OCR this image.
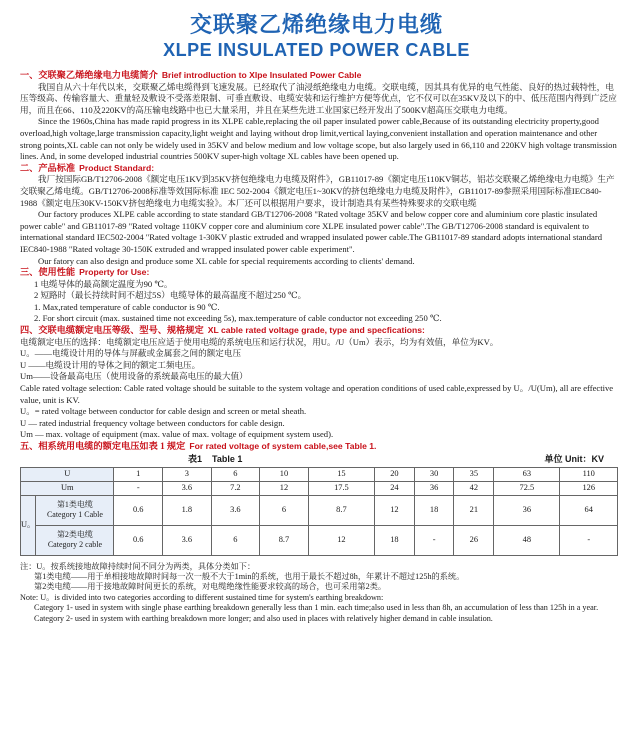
交联聚乙烯绝缘电力电缆
XLPE INSULATED POWER CABLE

一、交联聚乙烯绝缘电力电缆简介 Brief introdluction to Xlpe Insulated Power Cable

我国自从六十年代以来，交联聚乙烯电缆得到飞速发展。已经取代了油浸纸绝缘电力电缆。交联电缆，因其具有优异的电气性能、良好的热过载特性，电压等级高、传输容量大、重量轻及敷设不受落差限制、可垂直敷设、电缆安装和运行维护方便等优点，它不仅可以在35KV及以下的中、低压范围内得到广泛应用，而且在66、110及220KV的高压输电线路中也已大量采用，并且在某些先进工业国家已经开发出了500KV超高压交联电力电缆。

Since the 1960s,China has made rapid progress in its XLPE cable,replacing the oil paper insulated power cable,Because of its outstanding electricity property,good overload,high voltage,large transmission capacity,light weight and laying without drop limit,vertical laying,convenient installation and operation maintenance and other strong points,XL cable can not only be widely used in 35KV and below medium and low voltage scope, but also largely used in 66,110 and 220KV high voltage transmission lines. And, in some developed industrial countries 500KV super-high voltage XL cables have been opened up.

二、产品标准 Product Standard:

我厂按国际GB/T12706-2008《额定电压1KV到35KV挤包绝缘电力电缆及附件》，GB11017-89《额定电压110KV铜芯，铝芯交联聚乙烯绝缘电力电缆》生产交联聚乙烯电缆。GB/T12706-2008标准等效国际标准 IEC 502-2004《额定电压1~30KV的挤包绝缘电力电缆及附件》，GB11017-89参照采用国际标准IEC840-1988《额定电压30KV-150KV挤包绝缘电力电缆实验》。本厂还可以根据用户要求，设计制造具有某些特殊要求的交联电缆

Our factory produces XLPE cable according to state standard GB/T12706-2008 "Rated voltage 35KV and below copper core and aluminium core plastic insulated power cable" and GB11017-89 "Rated voltage 110KV copper core and aluminium core XLPE insulated power cable".The GB/T12706-2008 standard is equivalent to international standard IEC502-2004 "Rated voltage 1-30KV plastic extruded and wrapped insulated power cable.The GB11017-89 standard adopts international standard IEC840-1988 "Rated voltage 30-150K extruded and wrapped insulated power cable experiment".

Our fatory can also design and produce some XL cable for special requirements according to clients' demand.

三、使用性能 Property for Use:

1 电缆导体的最高额定温度为90 ℃。

2 短路时（最长持续时间不超过5S）电缆导体的最高温度不超过250 ℃。

1. Max,rated temperature of cable conductor is 90 ℃.

2. For short circuit (max. sustained time not exceeding 5s), max.temperature of cable conductor not exceeding 250 ℃.

四、交联电缆额定电压等级、型号、规格规定 XL cable rated voltage grade, type and specfications:

电缆额定电压的选择：电缆额定电压应适于使用电缆的系统电压和运行状况，用U。/U（Um）表示，均为有效值，单位为KV。

U。——电缆设计用的导体与屏蔽或金属套之间的额定电压

U ——电缆设计用的导体之间的额定工频电压。

Um——设备最高电压（使用设备的系统最高电压的最大值）

Cable rated voltage selection: Cable rated voltage should be suitable to the system voltage and operation conditions of used cable,expressed by U。/U(Um), all are effective value, unit is KV.

U。= rated voltage between conductor for cable design and screen or metal sheath.

U — rated industrial frequency voltage between conductors for cable design.

Um — max. voltage of equipment (max. value of max. voltage of equipment system used).

五、相系统用电缆的额定电压如表 1 规定 For rated voltage of system cable,see Table 1.

表1 Table 1	单位 Unit：KV
U		1	3	6	10	15	20	30	35	63	110
Um		-	3.6	7.2	12	17.5	24	36	42	72.5	126
U。	第1类电缆
Category 1 Cable	0.6	1.8	3.6	6	8.7	12	18	21	36	64
	第2类电缆
Category 2 cable	0.6	3.6	6	8.7	12	18	-	26	48	-

注：U。按系统接地故障持续时间不同分为两类，具体分类如下：

第1类电缆——用于单相接地故障时间每一次一般不大于1min的系统，也用于最长不超过8h，年累计不超过125h的系统。

第2类电缆——用于接地故障时间更长的系统，对电缆绝缘性能要求较高的场合，也可采用第2类。

Note: U。is divided into two categories according to different sustained time for system's earthing breakdown:

Category 1- used in system with single phase earthing breakdown generally less than 1 min. each time;also used in less than 8h, an accumulation of less than 125h in a year.

Category 2- used in system with earthing breakdown more longer; and also used in places with relatively higher demand in cable insulation.
